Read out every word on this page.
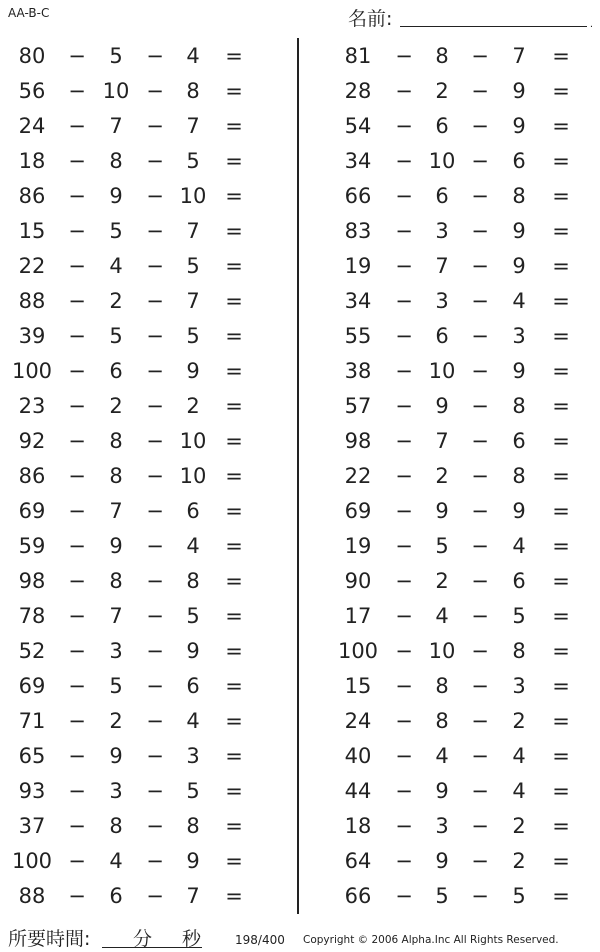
AA-B-C	名前:	.
80 − 5 − 4 =
56 − 10 − 8 =
24 − 7 − 7 =
18 − 8 − 5 =
86 − 9 − 10 =
15 − 5 − 7 =
22 − 4 − 5 =
88 − 2 − 7 =
39 − 5 − 5 =
100 − 6 − 9 =
23 − 2 − 2 =
92 − 8 − 10 =
86 − 8 − 10 =
69 − 7 − 6 =
59 − 9 − 4 =
98 − 8 − 8 =
78 − 7 − 5 =
52 − 3 − 9 =
69 − 5 − 6 =
71 − 2 − 4 =
65 − 9 − 3 =
93 − 3 − 5 =
37 − 8 − 8 =
100 − 4 − 9 =
88 − 6 − 7 =
81 − 8 − 7 =
28 − 2 − 9 =
54 − 6 − 9 =
34 − 10 − 6 =
66 − 6 − 8 =
83 − 3 − 9 =
19 − 7 − 9 =
34 − 3 − 4 =
55 − 6 − 3 =
38 − 10 − 9 =
57 − 9 − 8 =
98 − 7 − 6 =
22 − 2 − 8 =
69 − 9 − 9 =
19 − 5 − 4 =
90 − 2 − 6 =
17 − 4 − 5 =
100 − 10 − 8 =
15 − 8 − 3 =
24 − 8 − 2 =
40 − 4 − 4 =
44 − 9 − 4 =
18 − 3 − 2 =
64 − 9 − 2 =
66 − 5 − 5 =
所要時間: 分 秒	198/400 Copyright © 2006 Alpha.Inc All Rights Reserved.
